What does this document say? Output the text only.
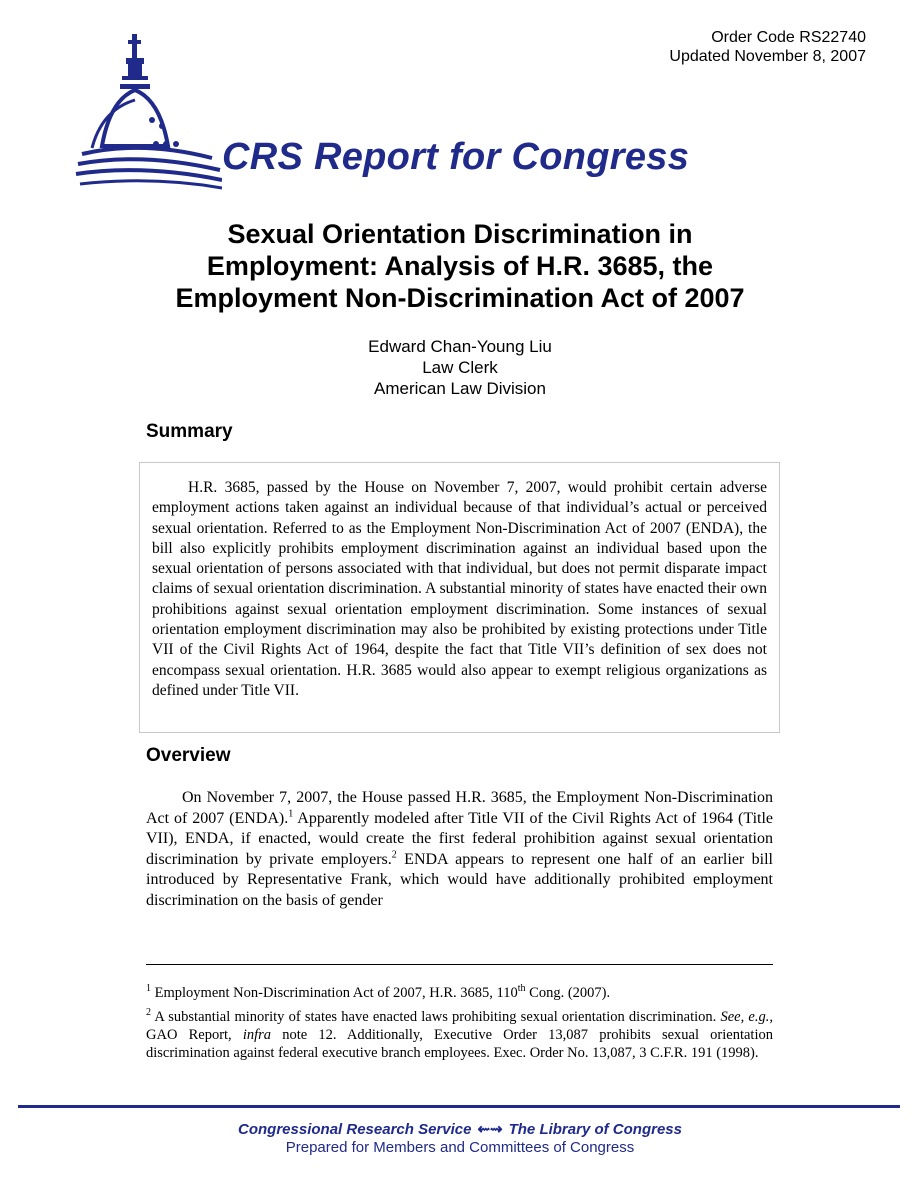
Order Code RS22740
Updated November 8, 2007
CRS Report for Congress
Sexual Orientation Discrimination in
Employment: Analysis of H.R. 3685, the
Employment Non-Discrimination Act of 2007
Edward Chan-Young Liu
Law Clerk
American Law Division
Summary

H.R. 3685, passed by the House on November 7, 2007, would prohibit certain adverse employment actions taken against an individual because of that individual’s actual or perceived sexual orientation. Referred to as the Employment Non-Discrimination Act of 2007 (ENDA), the bill also explicitly prohibits employment discrimination against an individual based upon the sexual orientation of persons associated with that individual, but does not permit disparate impact claims of sexual orientation discrimination. A substantial minority of states have enacted their own prohibitions against sexual orientation employment discrimination. Some instances of sexual orientation employment discrimination may also be prohibited by existing protections under Title VII of the Civil Rights Act of 1964, despite the fact that Title VII’s definition of sex does not encompass sexual orientation. H.R. 3685 would also appear to exempt religious organizations as defined under Title VII.

Overview

On November 7, 2007, the House passed H.R. 3685, the Employment Non-Discrimination Act of 2007 (ENDA).$^1$ Apparently modeled after Title VII of the Civil Rights Act of 1964 (Title VII), ENDA, if enacted, would create the first federal prohibition against sexual orientation discrimination by private employers.$^2$ ENDA appears to represent one half of an earlier bill introduced by Representative Frank, which would have additionally prohibited employment discrimination on the basis of gender

$^1$ Employment Non-Discrimination Act of 2007, H.R. 3685, 110th Cong. (2007).

$^2$ A substantial minority of states have enacted laws prohibiting sexual orientation discrimination. See, e.g., GAO Report, infra note 12. Additionally, Executive Order 13,087 prohibits sexual orientation discrimination against federal executive branch employees. Exec. Order No. 13,087, 3 C.F.R. 191 (1998).

Congressional Research Service ⇜⇝ The Library of Congress
Prepared for Members and Committees of Congress
